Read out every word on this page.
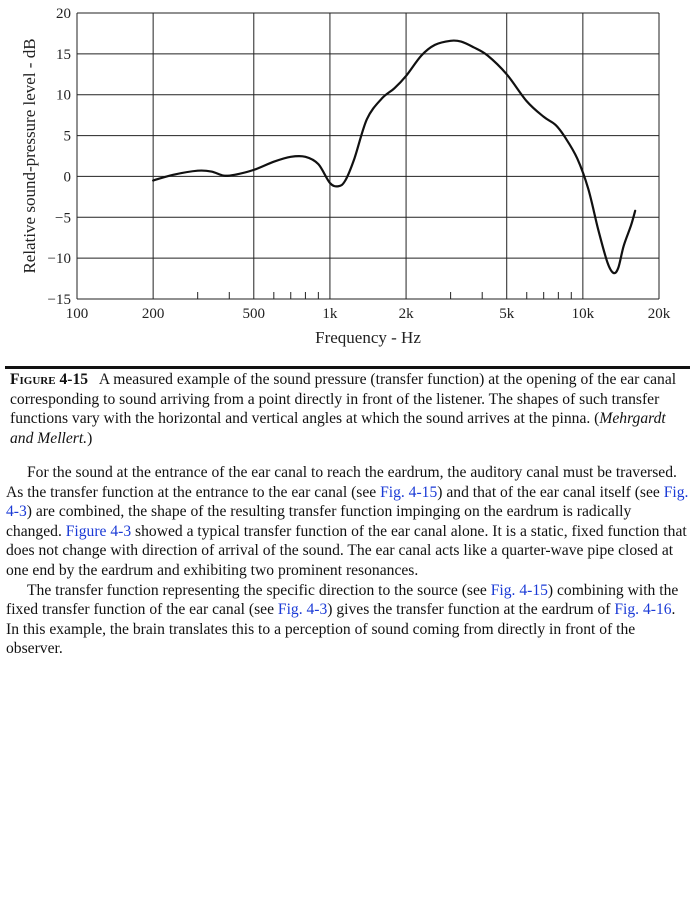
20
15
10
5
0
−5
−10
−15
100	200	500	1k	2k	5k	10k	20k
Frequency - Hz
Relative sound-pressure level - dB
Figure 4-15 A measured example of the sound pressure (transfer function) at the opening of the ear canal corresponding to sound arriving from a point directly in front of the listener. The shapes of such transfer functions vary with the horizontal and vertical angles at which the sound arrives at the pinna. (Mehrgardt and Mellert.)

For the sound at the entrance of the ear canal to reach the eardrum, the auditory canal must be traversed. As the transfer function at the entrance to the ear canal (see Fig. 4-15) and that of the ear canal itself (see Fig. 4-3) are combined, the shape of the resulting transfer function impinging on the eardrum is radically changed. Figure 4-3 showed a typical transfer function of the ear canal alone. It is a static, fixed function that does not change with direction of arrival of the sound. The ear canal acts like a quarter-wave pipe closed at one end by the eardrum and exhibiting two prominent resonances.

The transfer function representing the specific direction to the source (see Fig. 4-15) combining with the fixed transfer function of the ear canal (see Fig. 4-3) gives the transfer function at the eardrum of Fig. 4-16. In this example, the brain translates this to a perception of sound coming from directly in front of the observer.
